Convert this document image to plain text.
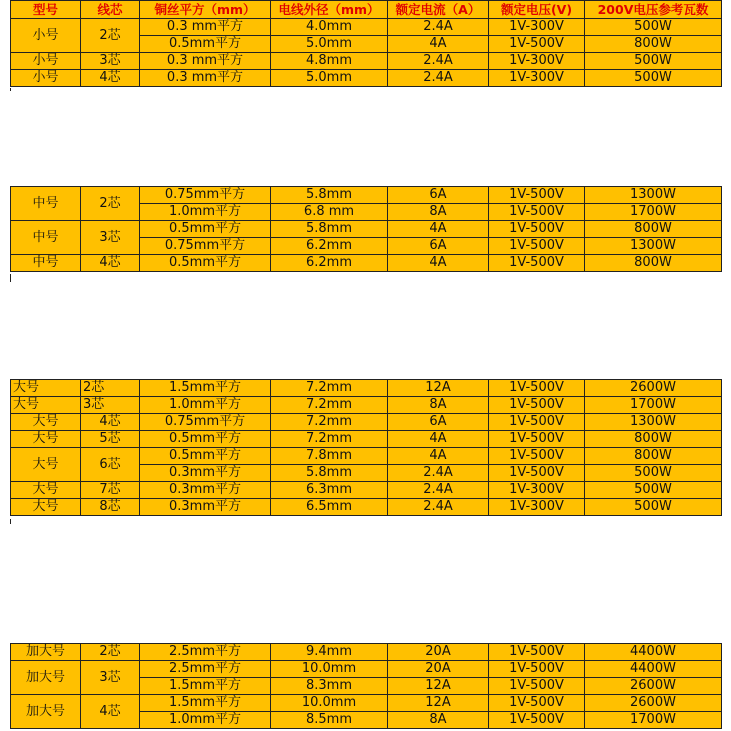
型号	线芯	铜丝平方（mm）	电线外径（mm）	额定电流（A）	额定电压(V)	200V电压参考瓦数
小号	2芯	0.3 mm平方	4.0mm	2.4A	1V-300V	500W
		0.5mm平方	5.0mm	4A	1V-500V	800W
小号	3芯	0.3 mm平方	4.8mm	2.4A	1V-300V	500W
小号	4芯	0.3 mm平方	5.0mm	2.4A	1V-300V	500W
中号	2芯	0.75mm平方	5.8mm	6A	1V-500V	1300W
		1.0mm平方	6.8 mm	8A	1V-500V	1700W
中号	3芯	0.5mm平方	5.8mm	4A	1V-500V	800W
		0.75mm平方	6.2mm	6A	1V-500V	1300W
中号	4芯	0.5mm平方	6.2mm	4A	1V-500V	800W
大号	2芯	1.5mm平方	7.2mm	12A	1V-500V	2600W
大号	3芯	1.0mm平方	7.2mm	8A	1V-500V	1700W
大号	4芯	0.75mm平方	7.2mm	6A	1V-500V	1300W
大号	5芯	0.5mm平方	7.2mm	4A	1V-500V	800W
大号	6芯	0.5mm平方	7.8mm	4A	1V-500V	800W
		0.3mm平方	5.8mm	2.4A	1V-500V	500W
大号	7芯	0.3mm平方	6.3mm	2.4A	1V-300V	500W
大号	8芯	0.3mm平方	6.5mm	2.4A	1V-300V	500W
加大号	2芯	2.5mm平方	9.4mm	20A	1V-500V	4400W
加大号	3芯	2.5mm平方	10.0mm	20A	1V-500V	4400W
		1.5mm平方	8.3mm	12A	1V-500V	2600W
加大号	4芯	1.5mm平方	10.0mm	12A	1V-500V	2600W
		1.0mm平方	8.5mm	8A	1V-500V	1700W
